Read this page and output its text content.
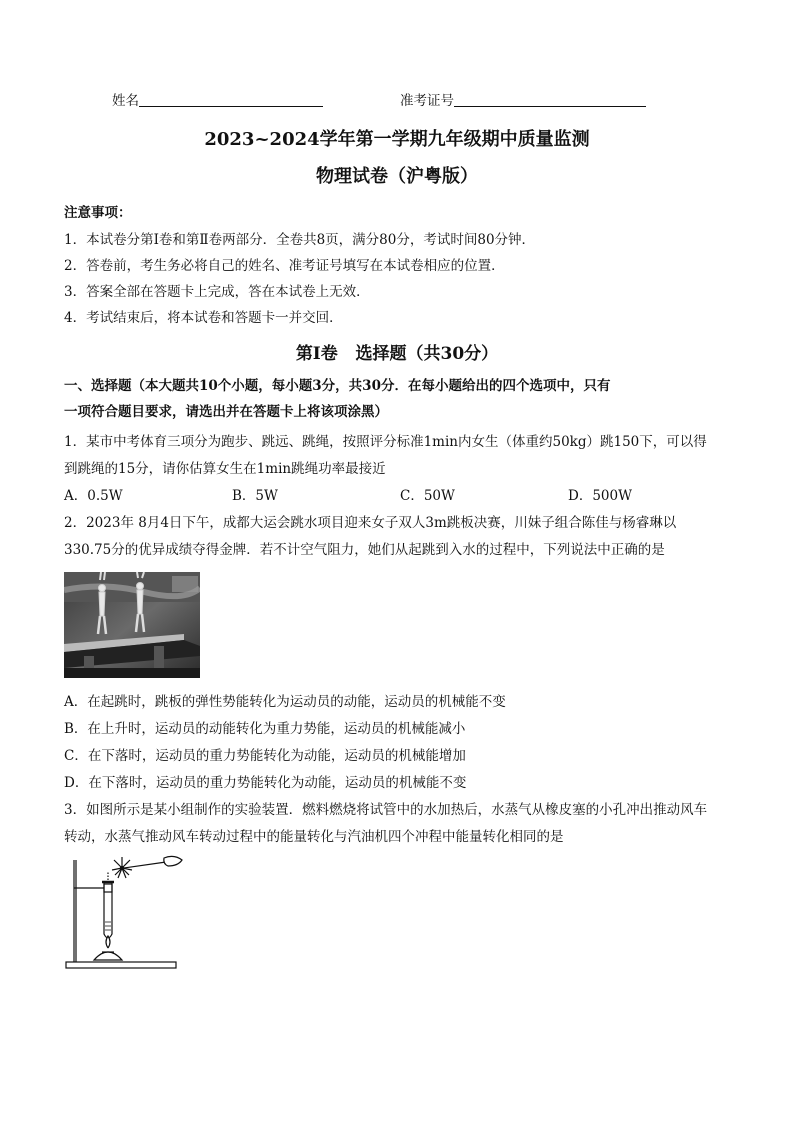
姓名	准考证号
2023~2024学年第一学期九年级期中质量监测
物理试卷（沪粤版）
注意事项：
1．本试卷分第Ⅰ卷和第Ⅱ卷两部分．全卷共8页，满分80分，考试时间80分钟．
2．答卷前，考生务必将自己的姓名、准考证号填写在本试卷相应的位置．
3．答案全部在答题卡上完成，答在本试卷上无效．
4．考试结束后，将本试卷和答题卡一并交回．
第Ⅰ卷   选择题（共30分）
一、选择题（本大题共10个小题，每小题3分，共30分．在每小题给出的四个选项中，只有
一项符合题目要求，请选出并在答题卡上将该项涂黑）
1．某市中考体育三项分为跑步、跳远、跳绳，按照评分标准1min内女生（体重约50kg）跳150下，可以得
到跳绳的15分，请你估算女生在1min跳绳功率最接近
A．0.5W	B．5W	C．50W	D．500W
2．2023年 8月4日下午，成都大运会跳水项目迎来女子双人3m跳板决赛，川妹子组合陈佳与杨睿琳以
330.75分的优异成绩夺得金牌．若不计空气阻力，她们从起跳到入水的过程中，下列说法中正确的是
A．在起跳时，跳板的弹性势能转化为运动员的动能，运动员的机械能不变
B．在上升时，运动员的动能转化为重力势能，运动员的机械能减小
C．在下落时，运动员的重力势能转化为动能，运动员的机械能增加
D．在下落时，运动员的重力势能转化为动能，运动员的机械能不变
3．如图所示是某小组制作的实验装置．燃料燃烧将试管中的水加热后，水蒸气从橡皮塞的小孔冲出推动风车
转动，水蒸气推动风车转动过程中的能量转化与汽油机四个冲程中能量转化相同的是
